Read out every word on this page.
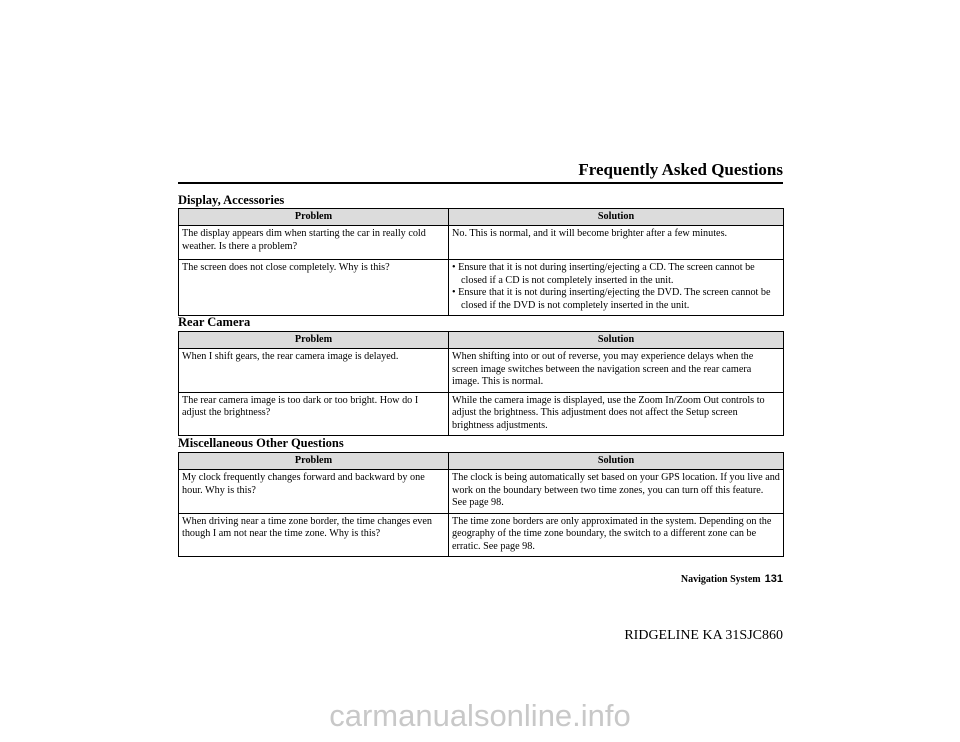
Frequently Asked Questions
Display, Accessories
Problem	Solution
The display appears dim when starting the car in really cold weather. Is there a problem?	No. This is normal, and it will become brighter after a few minutes.

The screen does not close completely. Why is this?	• Ensure that it is not during inserting/ejecting a CD. The screen cannot be closed if a CD is not completely inserted in the unit.
• Ensure that it is not during inserting/ejecting the DVD. The screen cannot be closed if the DVD is not completely inserted in the unit.
Rear Camera
Problem	Solution
When I shift gears, the rear camera image is delayed.	When shifting into or out of reverse, you may experience delays when the screen image switches between the navigation screen and the rear camera image. This is normal.

The rear camera image is too dark or too bright. How do I adjust the brightness?	While the camera image is displayed, use the Zoom In/Zoom Out controls to adjust the brightness. This adjustment does not affect the Setup screen brightness adjustments.
Miscellaneous Other Questions
Problem	Solution
My clock frequently changes forward and backward by one hour. Why is this?	The clock is being automatically set based on your GPS location. If you live and work on the boundary between two time zones, you can turn off this feature. See page 98.

When driving near a time zone border, the time changes even though I am not near the time zone. Why is this?	The time zone borders are only approximated in the system. Depending on the geography of the time zone boundary, the switch to a different zone can be erratic. See page 98.
Navigation System 131
RIDGELINE KA 31SJC860
carmanualsonline.info
